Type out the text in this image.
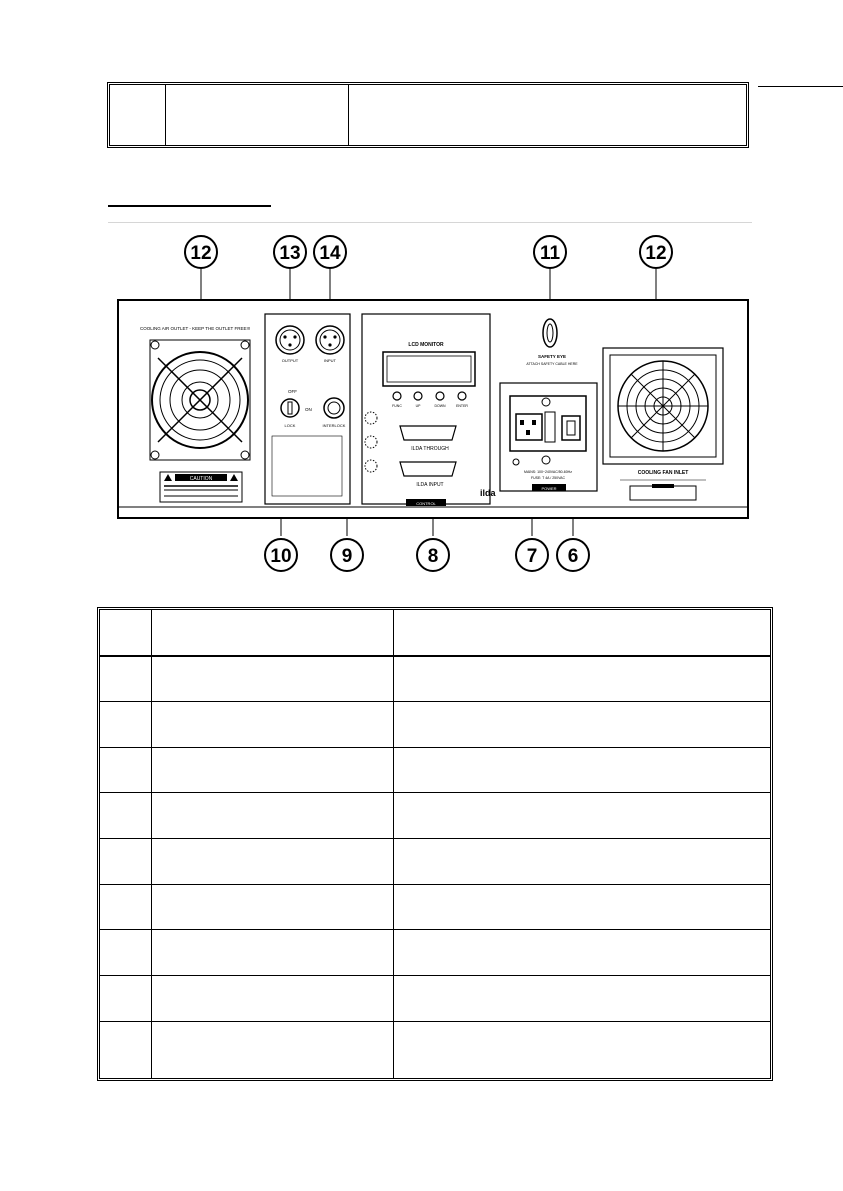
COOLING AIR OUTLET - KEEP THE OUTLET FREE!!!
CAUTION
OUTPUT	INPUT
OFF
ON
LOCK	INTERLOCK
LCD MONITOR
FUNC	UP	DOWN	ENTER
ILDA THROUGH
ILDA INPUT
ilda
CONTROL
SAFETY EYE
ATTACH SAFETY CABLE HERE
MAINS: 100~240VAC/50-60Hz
FUSE: T 4A / 250VAC
POWER
COOLING FAN INLET
12	13 14	11	12
10	9	8	7 6
